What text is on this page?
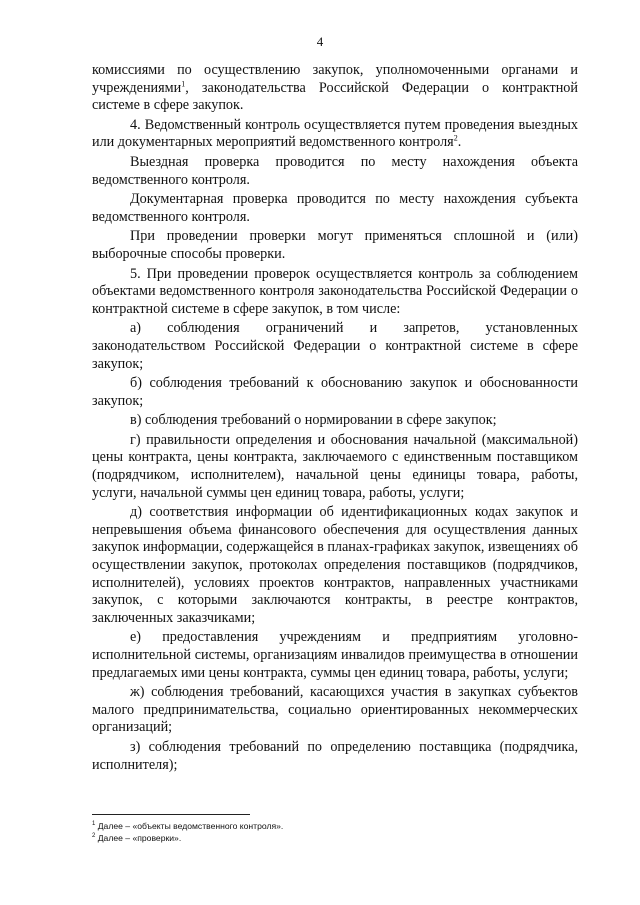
4

комиссиями по осуществлению закупок, уполномоченными органами и учреждениями$^1$, законодательства Российской Федерации о контрактной системе в сфере закупок.

4. Ведомственный контроль осуществляется путем проведения выездных или документарных мероприятий ведомственного контроля$^2$.

Выездная проверка проводится по месту нахождения объекта ведомственного контроля.

Документарная проверка проводится по месту нахождения субъекта ведомственного контроля.

При проведении проверки могут применяться сплошной и (или) выборочные способы проверки.

5. При проведении проверок осуществляется контроль за соблюдением объектами ведомственного контроля законодательства Российской Федерации о контрактной системе в сфере закупок, в том числе:

а) соблюдения ограничений и запретов, установленных законодательством Российской Федерации о контрактной системе в сфере закупок;

б) соблюдения требований к обоснованию закупок и обоснованности закупок;

в) соблюдения требований о нормировании в сфере закупок;

г) правильности определения и обоснования начальной (максимальной) цены контракта, цены контракта, заключаемого с единственным поставщиком (подрядчиком, исполнителем), начальной цены единицы товара, работы, услуги, начальной суммы цен единиц товара, работы, услуги;

д) соответствия информации об идентификационных кодах закупок и непревышения объема финансового обеспечения для осуществления данных закупок информации, содержащейся в планах-графиках закупок, извещениях об осуществлении закупок, протоколах определения поставщиков (подрядчиков, исполнителей), условиях проектов контрактов, направленных участниками закупок, с которыми заключаются контракты, в реестре контрактов, заключенных заказчиками;

е) предоставления учреждениям и предприятиям уголовно-исполнительной системы, организациям инвалидов преимущества в отношении предлагаемых ими цены контракта, суммы цен единиц товара, работы, услуги;

ж) соблюдения требований, касающихся участия в закупках субъектов малого предпринимательства, социально ориентированных некоммерческих организаций;

з) соблюдения требований по определению поставщика (подрядчика, исполнителя);

$^1$ Далее – «объекты ведомственного контроля».

$^2$ Далее – «проверки».
